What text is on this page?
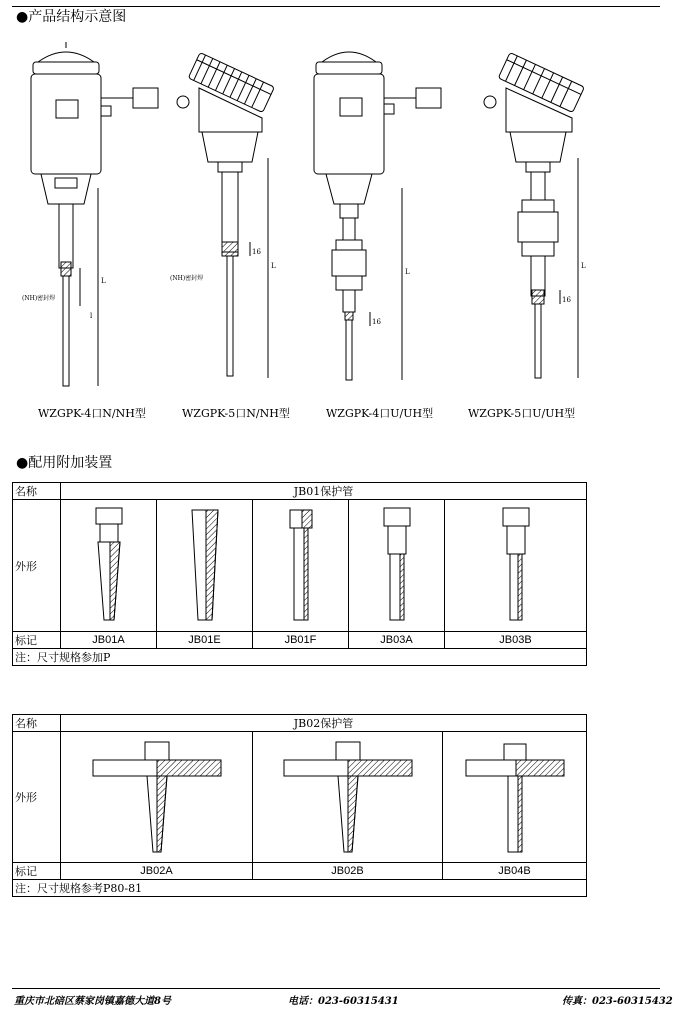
●产品结构示意图
L
l
(NH)密封焊
16
L
(NH)密封焊
16
L
16
L
WZGPK-4口N/NH型	WZGPK-5口N/NH型	WZGPK-4口U/UH型	WZGPK-5口U/UH型
●配用附加装置
名称	JB01保护管				
外形					
标记	JB01A	JB01E	JB01F	JB03A	JB03B
注：尺寸规格参加P					
名称	JB02保护管		
外形			
标记	JB02A	JB02B	JB04B
注：尺寸规格参考P80-81			
重庆市北碚区蔡家岗镇嘉德大道8号	电话：023-60315431	传真：023-60315432
